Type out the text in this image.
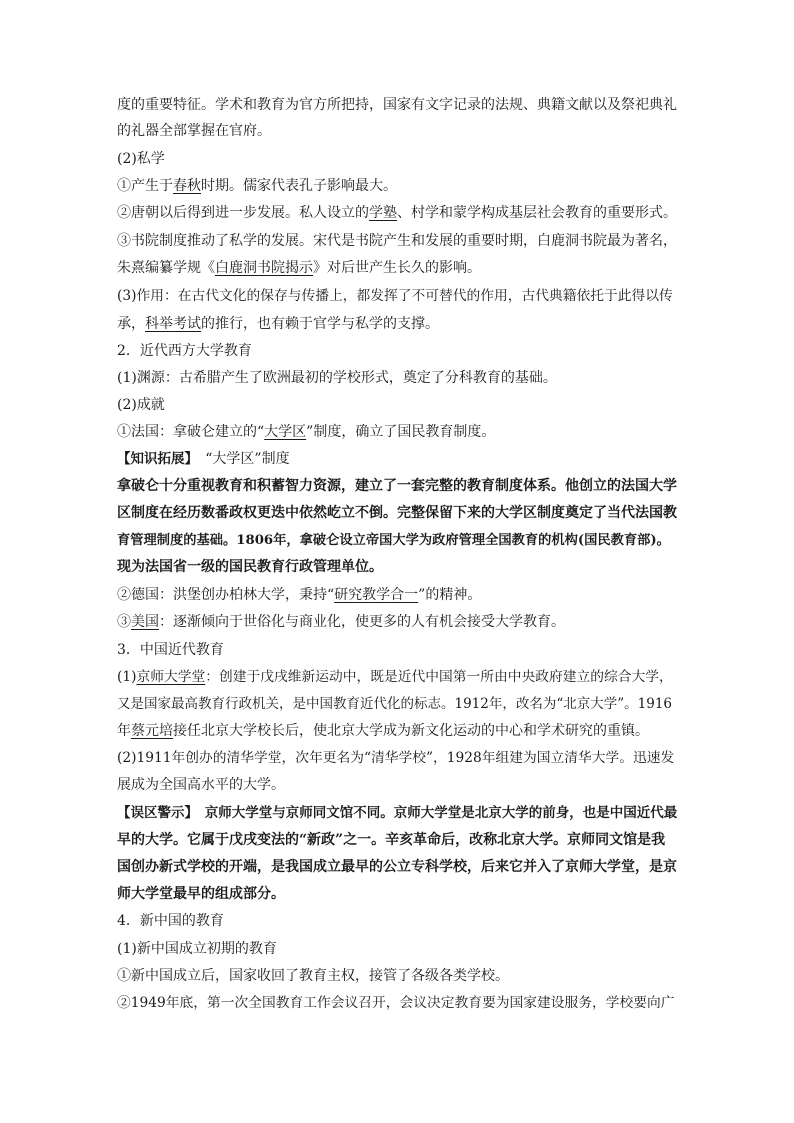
度的重要特征。学术和教育为官方所把持，国家有文字记录的法规、典籍文献以及祭祀典礼
的礼器全部掌握在官府。
(2)私学
①产生于春秋时期。儒家代表孔子影响最大。
②唐朝以后得到进一步发展。私人设立的学塾、村学和蒙学构成基层社会教育的重要形式。
③书院制度推动了私学的发展。宋代是书院产生和发展的重要时期，白鹿洞书院最为著名，
朱熹编纂学规《白鹿洞书院揭示》对后世产生长久的影响。
(3)作用：在古代文化的保存与传播上，都发挥了不可替代的作用，古代典籍依托于此得以传
承，科举考试的推行，也有赖于官学与私学的支撑。
2．近代西方大学教育
(1)渊源：古希腊产生了欧洲最初的学校形式，奠定了分科教育的基础。
(2)成就
①法国：拿破仑建立的“大学区”制度，确立了国民教育制度。
【知识拓展】　“大学区”制度
拿破仑十分重视教育和积蓄智力资源，建立了一套完整的教育制度体系。他创立的法国大学
区制度在经历数番政权更迭中依然屹立不倒。完整保留下来的大学区制度奠定了当代法国教
育管理制度的基础。1806年，拿破仑设立帝国大学为政府管理全国教育的机构(国民教育部)。
现为法国省一级的国民教育行政管理单位。
②德国：洪堡创办柏林大学，秉持“研究教学合一”的精神。
③美国：逐渐倾向于世俗化与商业化，使更多的人有机会接受大学教育。
3．中国近代教育
(1)京师大学堂：创建于戊戌维新运动中，既是近代中国第一所由中央政府建立的综合大学，
又是国家最高教育行政机关，是中国教育近代化的标志。1912年，改名为“北京大学”。1916
年蔡元培接任北京大学校长后，使北京大学成为新文化运动的中心和学术研究的重镇。
(2)1911年创办的清华学堂，次年更名为“清华学校”，1928年组建为国立清华大学。迅速发
展成为全国高水平的大学。
【误区警示】　京师大学堂与京师同文馆不同。京师大学堂是北京大学的前身，也是中国近代最
早的大学。它属于戊戌变法的“新政”之一。辛亥革命后，改称北京大学。京师同文馆是我
国创办新式学校的开端，是我国成立最早的公立专科学校，后来它并入了京师大学堂，是京
师大学堂最早的组成部分。
4．新中国的教育
(1)新中国成立初期的教育
①新中国成立后，国家收回了教育主权，接管了各级各类学校。
②1949年底，第一次全国教育工作会议召开，会议决定教育要为国家建设服务，学校要向广
